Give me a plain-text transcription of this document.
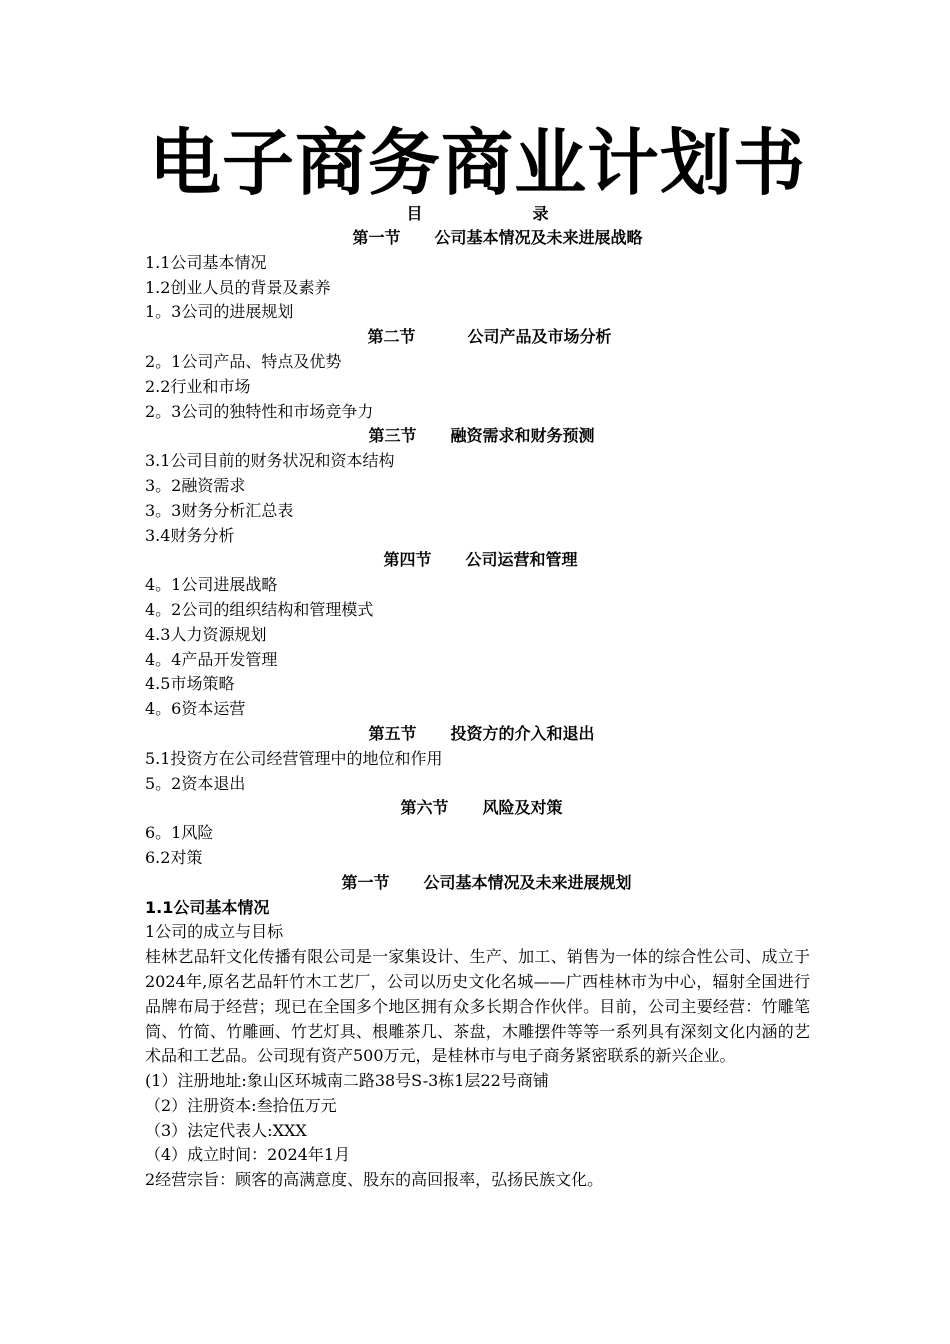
电子商务商业计划书
目	录
第一节 公司基本情况及未来进展战略
1.1公司基本情况
1.2创业人员的背景及素养
1。3公司的进展规划
第二节	公司产品及市场分析
2。1公司产品、特点及优势
2.2行业和市场
2。3公司的独特性和市场竞争力
第三节 融资需求和财务预测
3.1公司目前的财务状况和资本结构
3。2融资需求
3。3财务分析汇总表
3.4财务分析
第四节 公司运营和管理
4。1公司进展战略
4。2公司的组织结构和管理模式
4.3人力资源规划
4。4产品开发管理
4.5市场策略
4。6资本运营
第五节 投资方的介入和退出
5.1投资方在公司经营管理中的地位和作用
5。2资本退出
第六节 风险及对策
6。1风险
6.2对策
第一节 公司基本情况及未来进展规划
1.1公司基本情况
1公司的成立与目标

桂林艺品轩文化传播有限公司是一家集设计、生产、加工、销售为一体的综合性公司、成立于2024年,原名艺品轩竹木工艺厂，公司以历史文化名城——广西桂林市为中心，辐射全国进行品牌布局于经营；现已在全国多个地区拥有众多长期合作伙伴。目前，公司主要经营：竹雕笔筒、竹简、竹雕画、竹艺灯具、根雕茶几、茶盘，木雕摆件等等一系列具有深刻文化内涵的艺术品和工艺品。公司现有资产500万元，是桂林市与电子商务紧密联系的新兴企业。

(1）注册地址:象山区环城南二路38号S-3栋1层22号商铺
（2）注册资本:叁拾伍万元
（3）法定代表人:XXX
（4）成立时间：2024年1月
2经营宗旨：顾客的高满意度、股东的高回报率，弘扬民族文化。
